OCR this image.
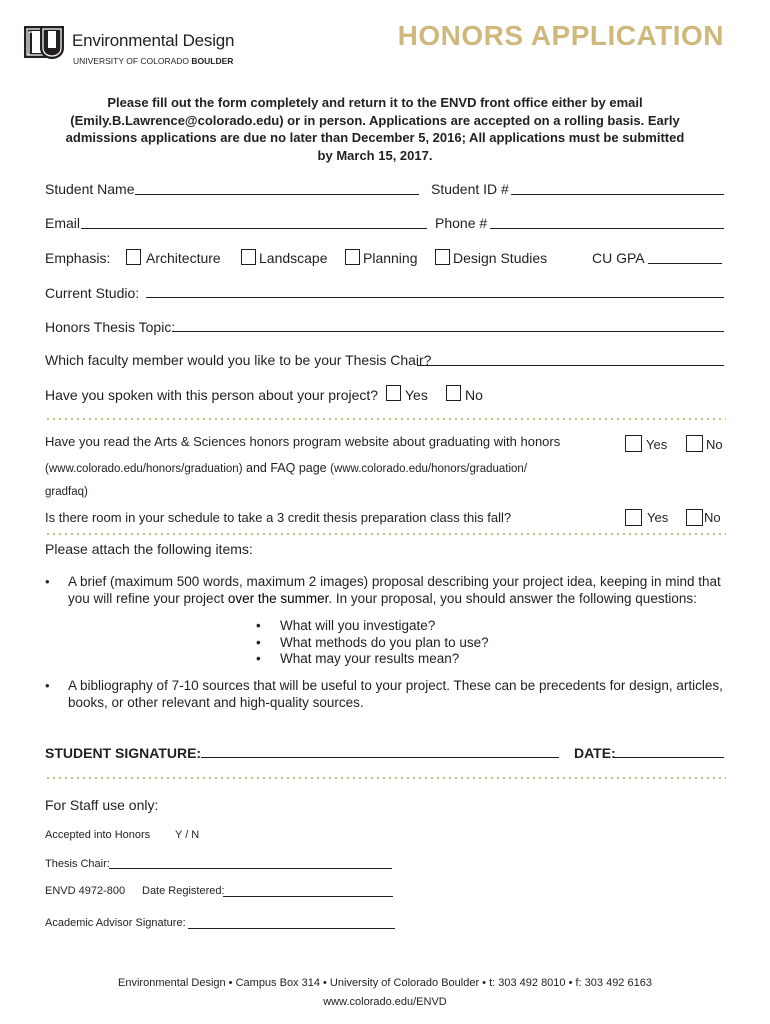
Environmental Design
UNIVERSITY OF COLORADO BOULDER
HONORS APPLICATION
Please fill out the form completely and return it to the ENVD front office either by email (Emily.B.Lawrence@colorado.edu) or in person. Applications are accepted on a rolling basis. Early admissions applications are due no later than December 5, 2016; All applications must be submitted by March 15, 2017.
Student Name	Student ID #
Email	Phone #
Emphasis:	Architecture	Landscape	Planning	Design Studies	CU GPA
Current Studio:
Honors Thesis Topic:
Which faculty member would you like to be your Thesis Chair?
Have you spoken with this person about your project? Yes	No
Have you read the Arts & Sciences honors program website about graduating with honors	Yes	No
(www.colorado.edu/honors/graduation) and FAQ page (www.colorado.edu/honors/graduation/
gradfaq)
Is there room in your schedule to take a 3 credit thesis preparation class this fall?	Yes	No
Please attach the following items:
• A brief (maximum 500 words, maximum 2 images) proposal describing your project idea, keeping in mind that you will refine your project over the summer. In your proposal, you should answer the following questions:
• What will you investigate?
• What methods do you plan to use?
• What may your results mean?
• A bibliography of 7-10 sources that will be useful to your project. These can be precedents for design, articles, books, or other relevant and high-quality sources.
STUDENT SIGNATURE:	DATE:
For Staff use only:
Accepted into Honors Y / N
Thesis Chair:
ENVD 4972-800 Date Registered:
Academic Advisor Signature:
Environmental Design • Campus Box 314 • University of Colorado Boulder • t: 303 492 8010 • f: 303 492 6163
www.colorado.edu/ENVD
